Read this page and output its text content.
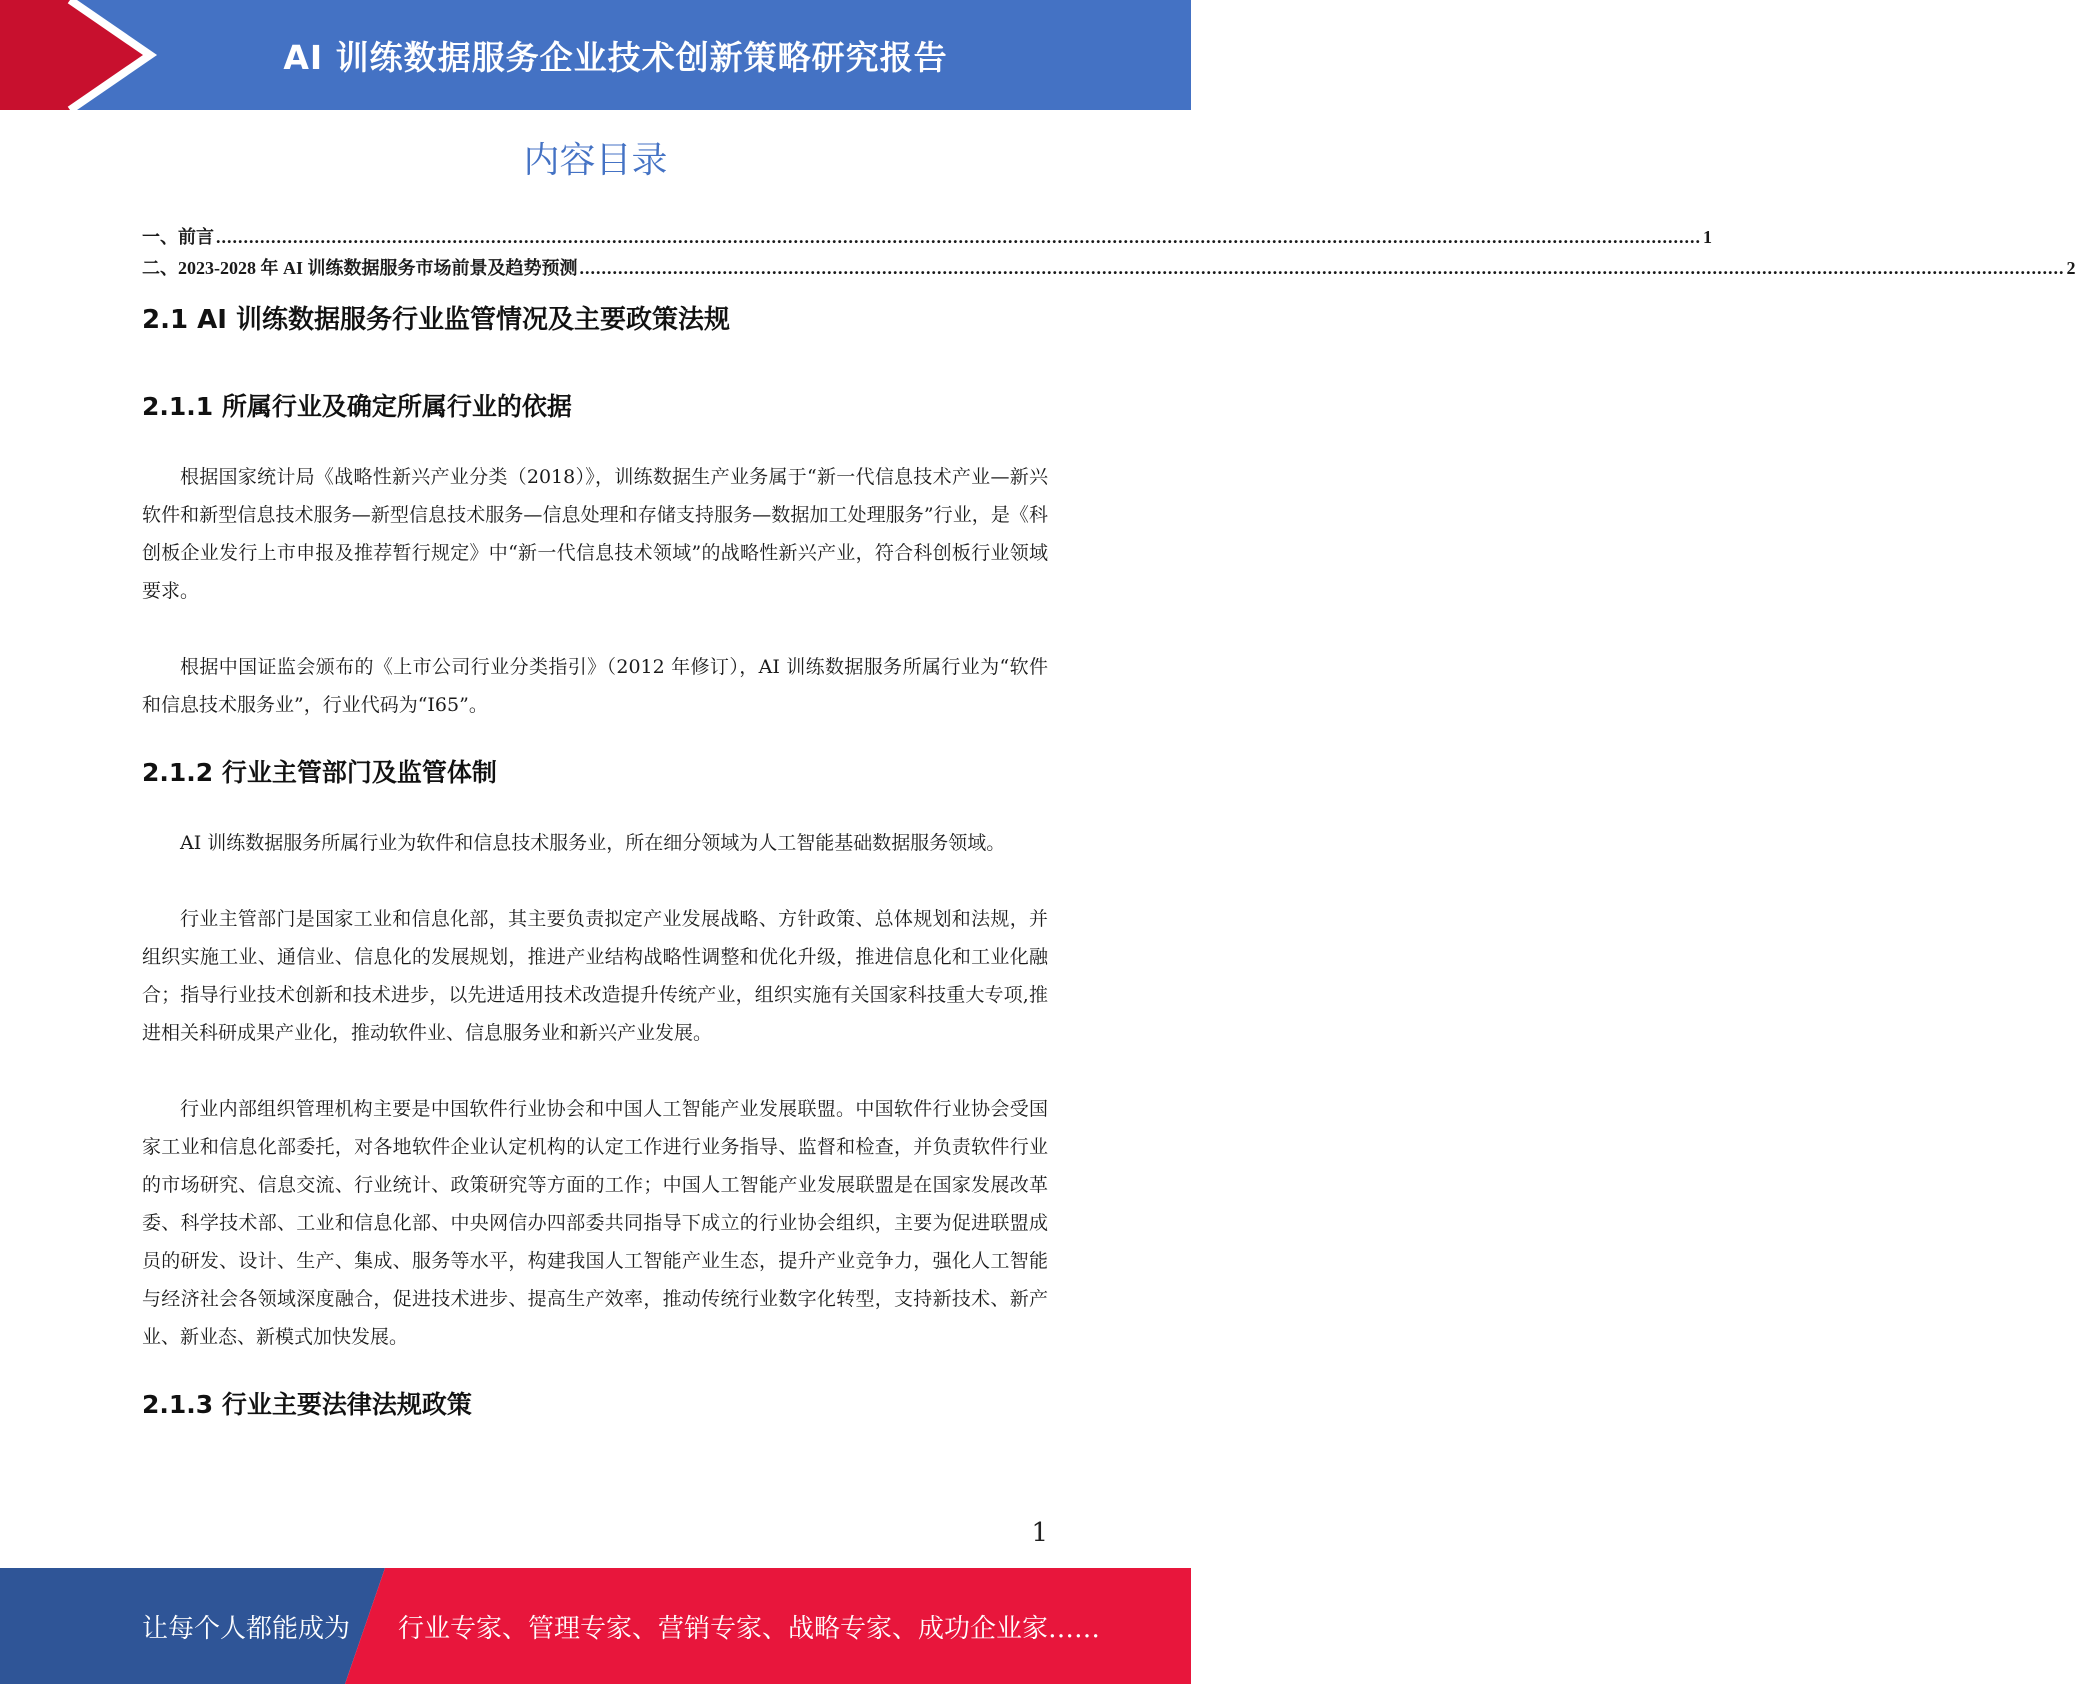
AI 训练数据服务企业技术创新策略研究报告
内容目录
一、前言 .............................................................................................................................................................................................................................................................................. 1
二、2023-2028 年 AI 训练数据服务市场前景及趋势预测 .............................................................................................................................................................................................................................................................................. 2
2.1 AI 训练数据服务行业监管情况及主要政策法规
2.1.1 所属行业及确定所属行业的依据

根据国家统计局《战略性新兴产业分类（2018）》，训练数据生产业务属于“新一代信息技术产业—新兴软件和新型信息技术服务—新型信息技术服务—信息处理和存储支持服务—数据加工处理服务”行业，是《科创板企业发行上市申报及推荐暂行规定》中“新一代信息技术领域”的战略性新兴产业，符合科创板行业领域要求。

根据中国证监会颁布的《上市公司行业分类指引》（2012 年修订），AI 训练数据服务所属行业为“软件和信息技术服务业”，行业代码为“I65”。

2.1.2 行业主管部门及监管体制

AI 训练数据服务所属行业为软件和信息技术服务业，所在细分领域为人工智能基础数据服务领域。

行业主管部门是国家工业和信息化部，其主要负责拟定产业发展战略、方针政策、总体规划和法规，并组织实施工业、通信业、信息化的发展规划，推进产业结构战略性调整和优化升级，推进信息化和工业化融合；指导行业技术创新和技术进步，以先进适用技术改造提升传统产业，组织实施有关国家科技重大专项,推进相关科研成果产业化，推动软件业、信息服务业和新兴产业发展。

行业内部组织管理机构主要是中国软件行业协会和中国人工智能产业发展联盟。中国软件行业协会受国家工业和信息化部委托，对各地软件企业认定机构的认定工作进行业务指导、监督和检查，并负责软件行业的市场研究、信息交流、行业统计、政策研究等方面的工作；中国人工智能产业发展联盟是在国家发展改革委、科学技术部、工业和信息化部、中央网信办四部委共同指导下成立的行业协会组织，主要为促进联盟成员的研发、设计、生产、集成、服务等水平，构建我国人工智能产业生态，提升产业竞争力，强化人工智能与经济社会各领域深度融合，促进技术进步、提高生产效率，推动传统行业数字化转型，支持新技术、新产业、新业态、新模式加快发展。

2.1.3 行业主要法律法规政策
1
让每个人都能成为 行业专家、管理专家、营销专家、战略专家、成功企业家……
